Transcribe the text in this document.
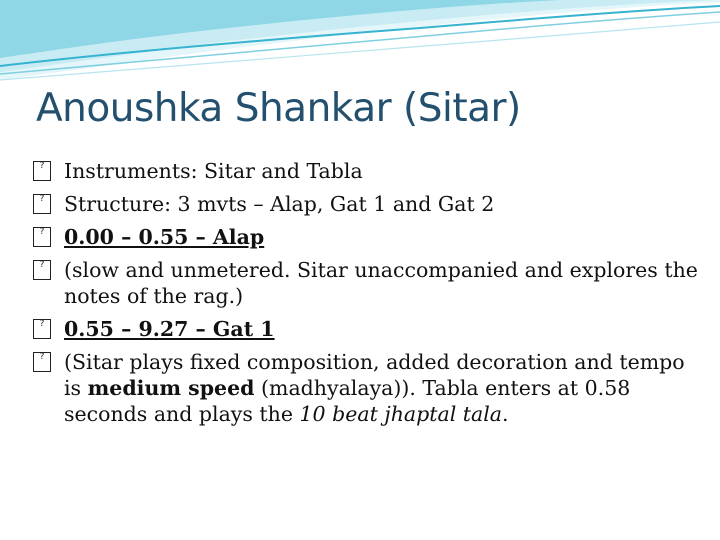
Anoushka Shankar (Sitar)
? Instruments: Sitar and Tabla
? Structure: 3 mvts – Alap, Gat 1 and Gat 2
? 0.00 – 0.55 – Alap
? (slow and unmetered. Sitar unaccompanied and explores the notes of the rag.)
? 0.55 – 9.27 – Gat 1
? (Sitar plays fixed composition, added decoration and tempo is medium speed (madhyalaya)). Tabla enters at 0.58 seconds and plays the 10 beat jhaptal tala.
